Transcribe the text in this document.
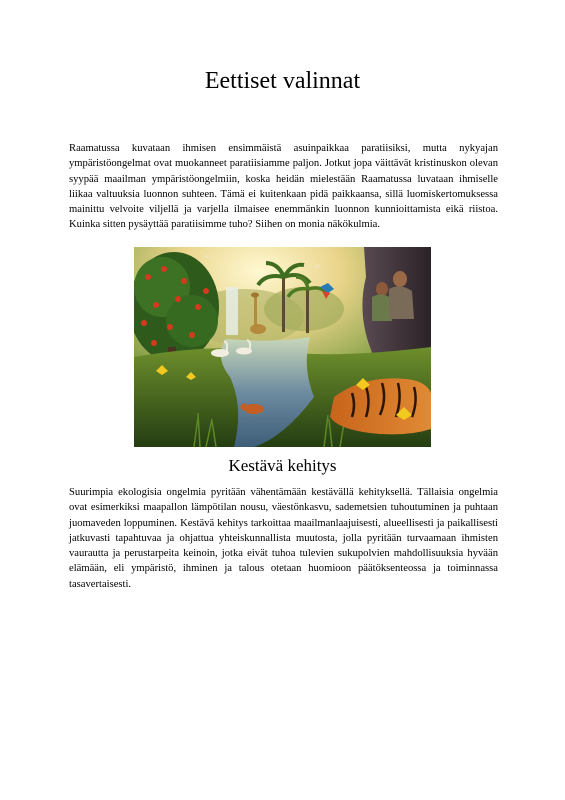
Eettiset valinnat

Raamatussa kuvataan ihmisen ensimmäistä asuinpaikkaa paratiisiksi, mutta nykyajan ympäristöongelmat ovat muokanneet paratiisiamme paljon. Jotkut jopa väittävät kristinuskon olevan syypää maailman ympäristöongelmiin, koska heidän mielestään Raamatussa luvataan ihmiselle liikaa valtuuksia luonnon suhteen. Tämä ei kuitenkaan pidä paikkaansa, sillä luomiskertomuksessa mainittu velvoite viljellä ja varjella ilmaisee enemmänkin luonnon kunnioittamista eikä riistoa. Kuinka sitten pysäyttää paratiisimme tuho? Siihen on monia näkökulmia.

Kestävä kehitys

Suurimpia ekologisia ongelmia pyritään vähentämään kestävällä kehityksellä. Tällaisia ongelmia ovat esimerkiksi maapallon lämpötilan nousu, väestönkasvu, sademetsien tuhoutuminen ja puhtaan juomaveden loppuminen. Kestävä kehitys tarkoittaa maailmanlaajuisesti, alueellisesti ja paikallisesti jatkuvasti tapahtuvaa ja ohjattua yhteiskunnallista muutosta, jolla pyritään turvaamaan ihmisten vaurautta ja perustarpeita keinoin, jotka eivät tuhoa tulevien sukupolvien mahdollisuuksia hyvään elämään, eli ympäristö, ihminen ja talous otetaan huomioon päätöksenteossa ja toiminnassa tasavertaisesti.
